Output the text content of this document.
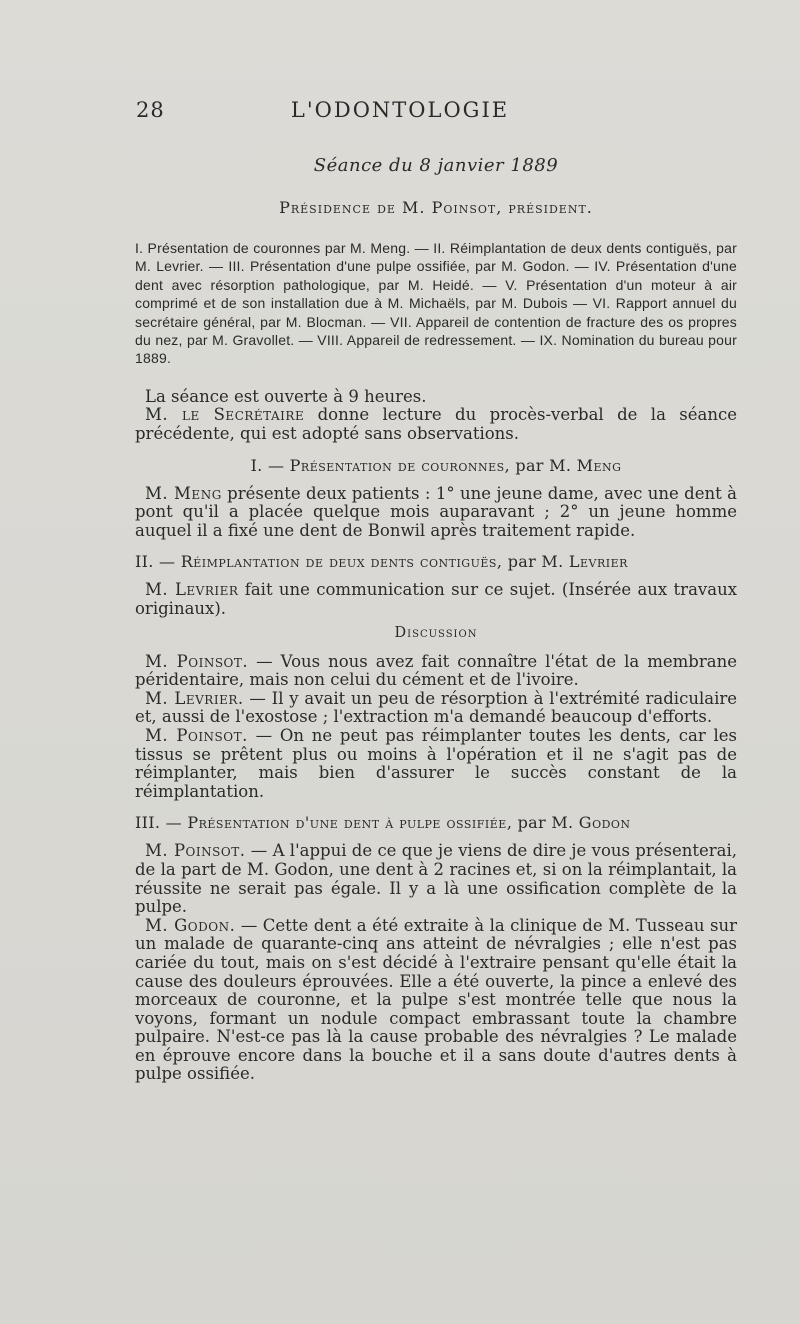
28	L'ODONTOLOGIE

Séance du 8 janvier 1889

Présidence de M. Poinsot, président.

I. Présentation de couronnes par M. Meng. — II. Réimplantation de deux dents contiguës, par M. Levrier. — III. Présentation d'une pulpe ossifiée, par M. Godon. — IV. Présentation d'une dent avec résorption pathologique, par M. Heidé. — V. Présentation d'un moteur à air comprimé et de son installation due à M. Michaëls, par M. Dubois — VI. Rapport annuel du secrétaire général, par M. Blocman. — VII. Appareil de contention de fracture des os propres du nez, par M. Gravollet. — VIII. Appareil de redressement. — IX. Nomination du bureau pour 1889.

La séance est ouverte à 9 heures.

M. le Secrétaire donne lecture du procès-verbal de la séance précédente, qui est adopté sans observations.

I. — Présentation de couronnes, par M. Meng

M. Meng présente deux patients : 1° une jeune dame, avec une dent à pont qu'il a placée quelque mois auparavant ; 2° un jeune homme auquel il a fixé une dent de Bonwil après traitement rapide.

II. — Réimplantation de deux dents contiguës, par M. Levrier

M. Levrier fait une communication sur ce sujet. (Insérée aux travaux originaux).

Discussion

M. Poinsot. — Vous nous avez fait connaître l'état de la membrane péridentaire, mais non celui du cément et de l'ivoire.

M. Levrier. — Il y avait un peu de résorption à l'extrémité radiculaire et, aussi de l'exostose ; l'extraction m'a demandé beaucoup d'efforts.

M. Poinsot. — On ne peut pas réimplanter toutes les dents, car les tissus se prêtent plus ou moins à l'opération et il ne s'agit pas de réimplanter, mais bien d'assurer le succès constant de la réimplantation.

III. — Présentation d'une dent à pulpe ossifiée, par M. Godon

M. Poinsot. — A l'appui de ce que je viens de dire je vous présenterai, de la part de M. Godon, une dent à 2 racines et, si on la réimplantait, la réussite ne serait pas égale. Il y a là une ossification complète de la pulpe.

M. Godon. — Cette dent a été extraite à la clinique de M. Tusseau sur un malade de quarante-cinq ans atteint de névralgies ; elle n'est pas cariée du tout, mais on s'est décidé à l'extraire pensant qu'elle était la cause des douleurs éprouvées. Elle a été ouverte, la pince a enlevé des morceaux de couronne, et la pulpe s'est montrée telle que nous la voyons, formant un nodule compact embrassant toute la chambre pulpaire. N'est-ce pas là la cause probable des névralgies ? Le malade en éprouve encore dans la bouche et il a sans doute d'autres dents à pulpe ossifiée.
